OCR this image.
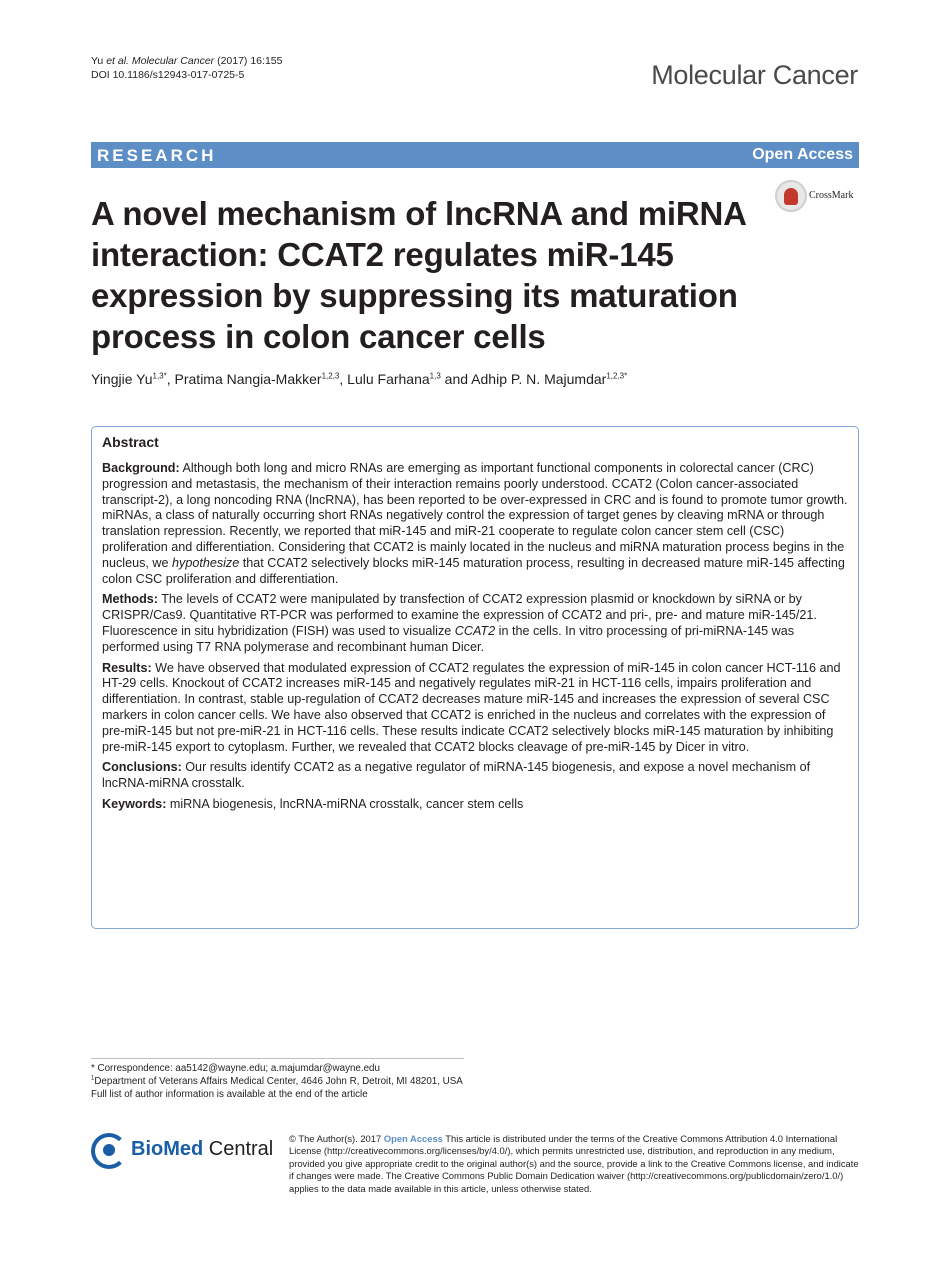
Yu et al. Molecular Cancer (2017) 16:155
DOI 10.1186/s12943-017-0725-5	Molecular Cancer
RESEARCH	Open Access
A novel mechanism of lncRNA and miRNA interaction: CCAT2 regulates miR-145 expression by suppressing its maturation process in colon cancer cells
CrossMark
Yingjie $Yu^{1,3*}$, Pratima Nangia-Makker$^{1,2,3}$, Lulu Farhana$^{1,3}$ and Adhip P. N. Majumdar$^{1,2,3*}$
Abstract

Background: Although both long and micro RNAs are emerging as important functional components in colorectal cancer (CRC) progression and metastasis, the mechanism of their interaction remains poorly understood. CCAT2 (Colon cancer-associated transcript-2), a long noncoding RNA (lncRNA), has been reported to be over-expressed in CRC and is found to promote tumor growth. miRNAs, a class of naturally occurring short RNAs negatively control the expression of target genes by cleaving mRNA or through translation repression. Recently, we reported that miR-145 and miR-21 cooperate to regulate colon cancer stem cell (CSC) proliferation and differentiation. Considering that CCAT2 is mainly located in the nucleus and miRNA maturation process begins in the nucleus, we hypothesize that CCAT2 selectively blocks miR-145 maturation process, resulting in decreased mature miR-145 affecting colon CSC proliferation and differentiation.

Methods: The levels of CCAT2 were manipulated by transfection of CCAT2 expression plasmid or knockdown by siRNA or by CRISPR/Cas9. Quantitative RT-PCR was performed to examine the expression of CCAT2 and pri-, pre- and mature miR-145/21. Fluorescence in situ hybridization (FISH) was used to visualize CCAT2 in the cells. In vitro processing of pri-miRNA-145 was performed using T7 RNA polymerase and recombinant human Dicer.

Results: We have observed that modulated expression of CCAT2 regulates the expression of miR-145 in colon cancer HCT-116 and HT-29 cells. Knockout of CCAT2 increases miR-145 and negatively regulates miR-21 in HCT-116 cells, impairs proliferation and differentiation. In contrast, stable up-regulation of CCAT2 decreases mature miR-145 and increases the expression of several CSC markers in colon cancer cells. We have also observed that CCAT2 is enriched in the nucleus and correlates with the expression of pre-miR-145 but not pre-miR-21 in HCT-116 cells. These results indicate CCAT2 selectively blocks miR-145 maturation by inhibiting pre-miR-145 export to cytoplasm. Further, we revealed that CCAT2 blocks cleavage of pre-miR-145 by Dicer in vitro.

Conclusions: Our results identify CCAT2 as a negative regulator of miRNA-145 biogenesis, and expose a novel mechanism of lncRNA-miRNA crosstalk.

Keywords: miRNA biogenesis, lncRNA-miRNA crosstalk, cancer stem cells

* Correspondence: aa5142@wayne.edu; a.majumdar@wayne.edu
$^1$Department of Veterans Affairs Medical Center, 4646 John R, Detroit, MI 48201, USA
Full list of author information is available at the end of the article
BioMed Central © The Author(s). 2017 Open Access This article is distributed under the terms of the Creative Commons Attribution 4.0 International License (http://creativecommons.org/licenses/by/4.0/), which permits unrestricted use, distribution, and reproduction in any medium, provided you give appropriate credit to the original author(s) and the source, provide a link to the Creative Commons license, and indicate if changes were made. The Creative Commons Public Domain Dedication waiver (http://creativecommons.org/publicdomain/zero/1.0/) applies to the data made available in this article, unless otherwise stated.
